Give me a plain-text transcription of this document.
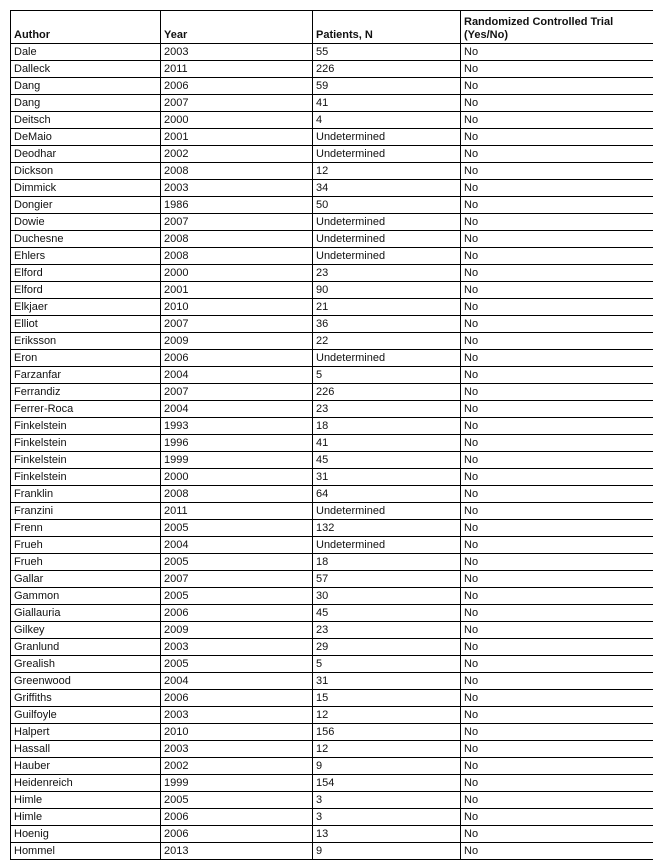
Author	Year	Patients, N	Randomized Controlled Trial (Yes/No)
Dale	2003	55	No
Dalleck	2011	226	No
Dang	2006	59	No
Dang	2007	41	No
Deitsch	2000	4	No
DeMaio	2001	Undetermined	No
Deodhar	2002	Undetermined	No
Dickson	2008	12	No
Dimmick	2003	34	No
Dongier	1986	50	No
Dowie	2007	Undetermined	No
Duchesne	2008	Undetermined	No
Ehlers	2008	Undetermined	No
Elford	2000	23	No
Elford	2001	90	No
Elkjaer	2010	21	No
Elliot	2007	36	No
Eriksson	2009	22	No
Eron	2006	Undetermined	No
Farzanfar	2004	5	No
Ferrandiz	2007	226	No
Ferrer-Roca	2004	23	No
Finkelstein	1993	18	No
Finkelstein	1996	41	No
Finkelstein	1999	45	No
Finkelstein	2000	31	No
Franklin	2008	64	No
Franzini	2011	Undetermined	No
Frenn	2005	132	No
Frueh	2004	Undetermined	No
Frueh	2005	18	No
Gallar	2007	57	No
Gammon	2005	30	No
Giallauria	2006	45	No
Gilkey	2009	23	No
Granlund	2003	29	No
Grealish	2005	5	No
Greenwood	2004	31	No
Griffiths	2006	15	No
Guilfoyle	2003	12	No
Halpert	2010	156	No
Hassall	2003	12	No
Hauber	2002	9	No
Heidenreich	1999	154	No
Himle	2005	3	No
Himle	2006	3	No
Hoenig	2006	13	No
Hommel	2013	9	No
